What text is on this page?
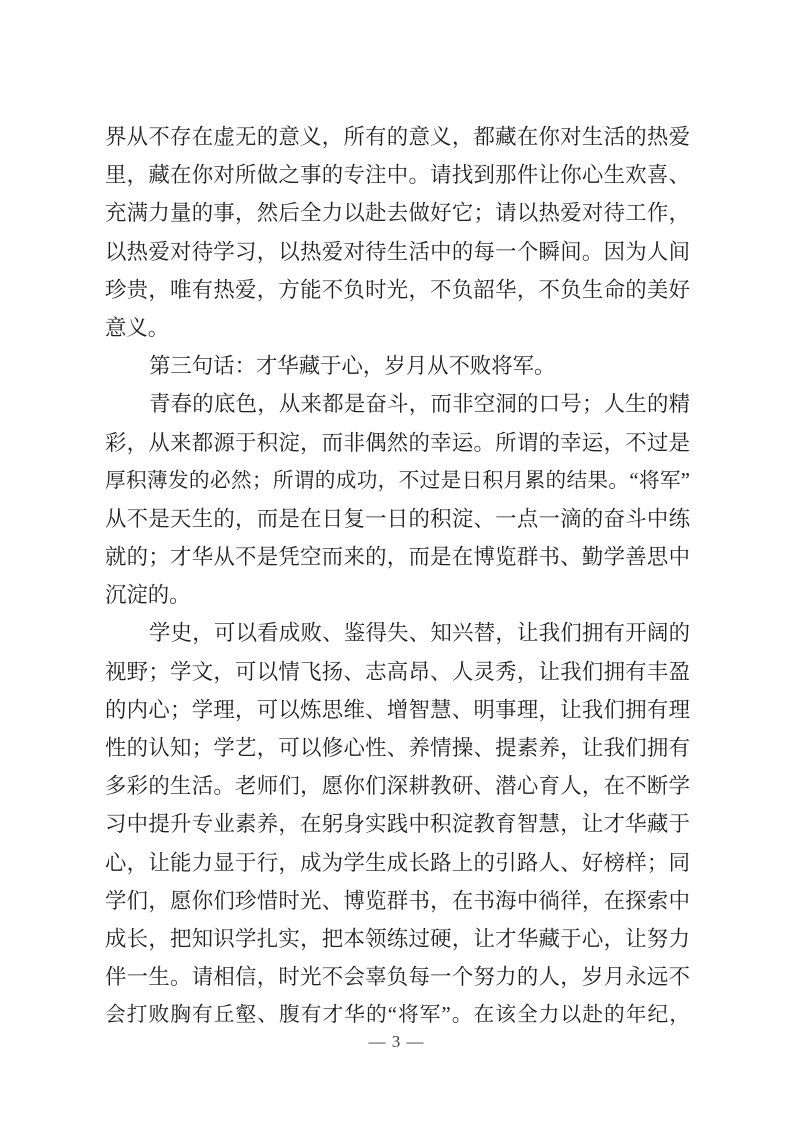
界从不存在虚无的意义，所有的意义，都藏在你对生活的热爱
里，藏在你对所做之事的专注中。请找到那件让你心生欢喜、
充满力量的事，然后全力以赴去做好它；请以热爱对待工作，
以热爱对待学习，以热爱对待生活中的每一个瞬间。因为人间
珍贵，唯有热爱，方能不负时光，不负韶华，不负生命的美好
意义。
第三句话：才华藏于心，岁月从不败将军。
青春的底色，从来都是奋斗，而非空洞的口号；人生的精
彩，从来都源于积淀，而非偶然的幸运。所谓的幸运，不过是
厚积薄发的必然；所谓的成功，不过是日积月累的结果。“将军”
从不是天生的，而是在日复一日的积淀、一点一滴的奋斗中练
就的；才华从不是凭空而来的，而是在博览群书、勤学善思中
沉淀的。
学史，可以看成败、鉴得失、知兴替，让我们拥有开阔的
视野；学文，可以情飞扬、志高昂、人灵秀，让我们拥有丰盈
的内心；学理，可以炼思维、增智慧、明事理，让我们拥有理
性的认知；学艺，可以修心性、养情操、提素养，让我们拥有
多彩的生活。老师们，愿你们深耕教研、潜心育人，在不断学
习中提升专业素养，在躬身实践中积淀教育智慧，让才华藏于
心，让能力显于行，成为学生成长路上的引路人、好榜样；同
学们，愿你们珍惜时光、博览群书，在书海中徜徉，在探索中
成长，把知识学扎实，把本领练过硬，让才华藏于心，让努力
伴一生。请相信，时光不会辜负每一个努力的人，岁月永远不
会打败胸有丘壑、腹有才华的“将军”。在该全力以赴的年纪，
— 3 —
